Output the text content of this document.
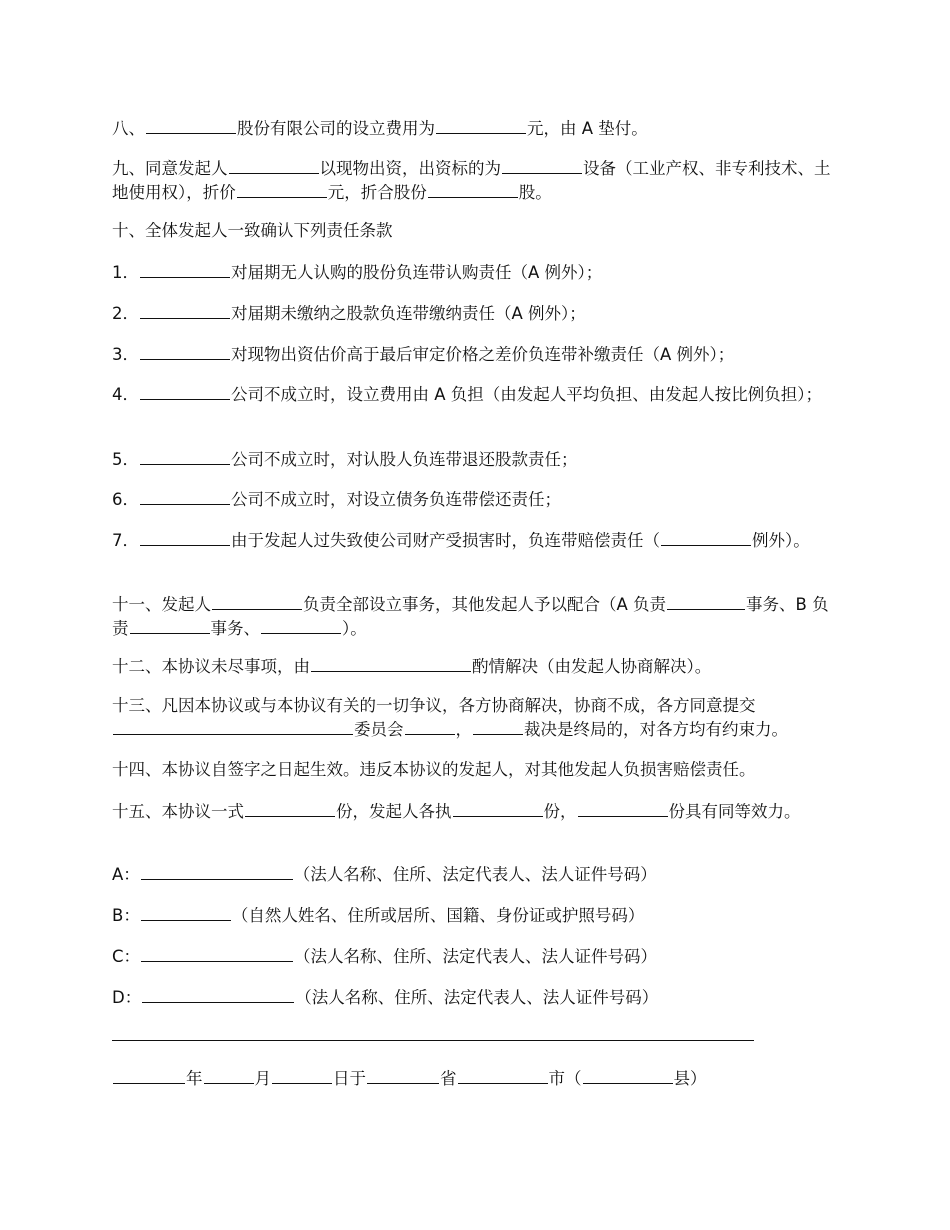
八、	股份有限公司的设立费用为	元，由 A 垫付。
九、同意发起人	以现物出资，出资标的为	设备（工业产权、非专利技术、土地使用权），折价	元，折合股份	股。
十、全体发起人一致确认下列责任条款
1．	对届期无人认购的股份负连带认购责任（A 例外）；
2．	对届期未缴纳之股款负连带缴纳责任（A 例外）；
3．	对现物出资估价高于最后审定价格之差价负连带补缴责任（A 例外）；
4．	公司不成立时，设立费用由 A 负担（由发起人平均负担、由发起人按比例负担）；
5．	公司不成立时，对认股人负连带退还股款责任；
6．	公司不成立时，对设立债务负连带偿还责任；
7．	由于发起人过失致使公司财产受损害时，负连带赔偿责任（	例外）。
十一、发起人	负责全部设立事务，其他发起人予以配合（A 负责	事务、B 负责	事务、	）。
十二、本协议未尽事项，由	酌情解决（由发起人协商解决）。
十三、凡因本协议或与本协议有关的一切争议，各方协商解决，协商不成，各方同意提交委员会	，	裁决是终局的，对各方均有约束力。
十四、本协议自签字之日起生效。违反本协议的发起人，对其他发起人负损害赔偿责任。
十五、本协议一式	份，发起人各执	份，	份具有同等效力。
A：	（法人名称、住所、法定代表人、法人证件号码）
B：	（自然人姓名、住所或居所、国籍、身份证或护照号码）
C：	（法人名称、住所、法定代表人、法人证件号码）
D：	（法人名称、住所、法定代表人、法人证件号码）
年	月	日于	省	市（	县）
